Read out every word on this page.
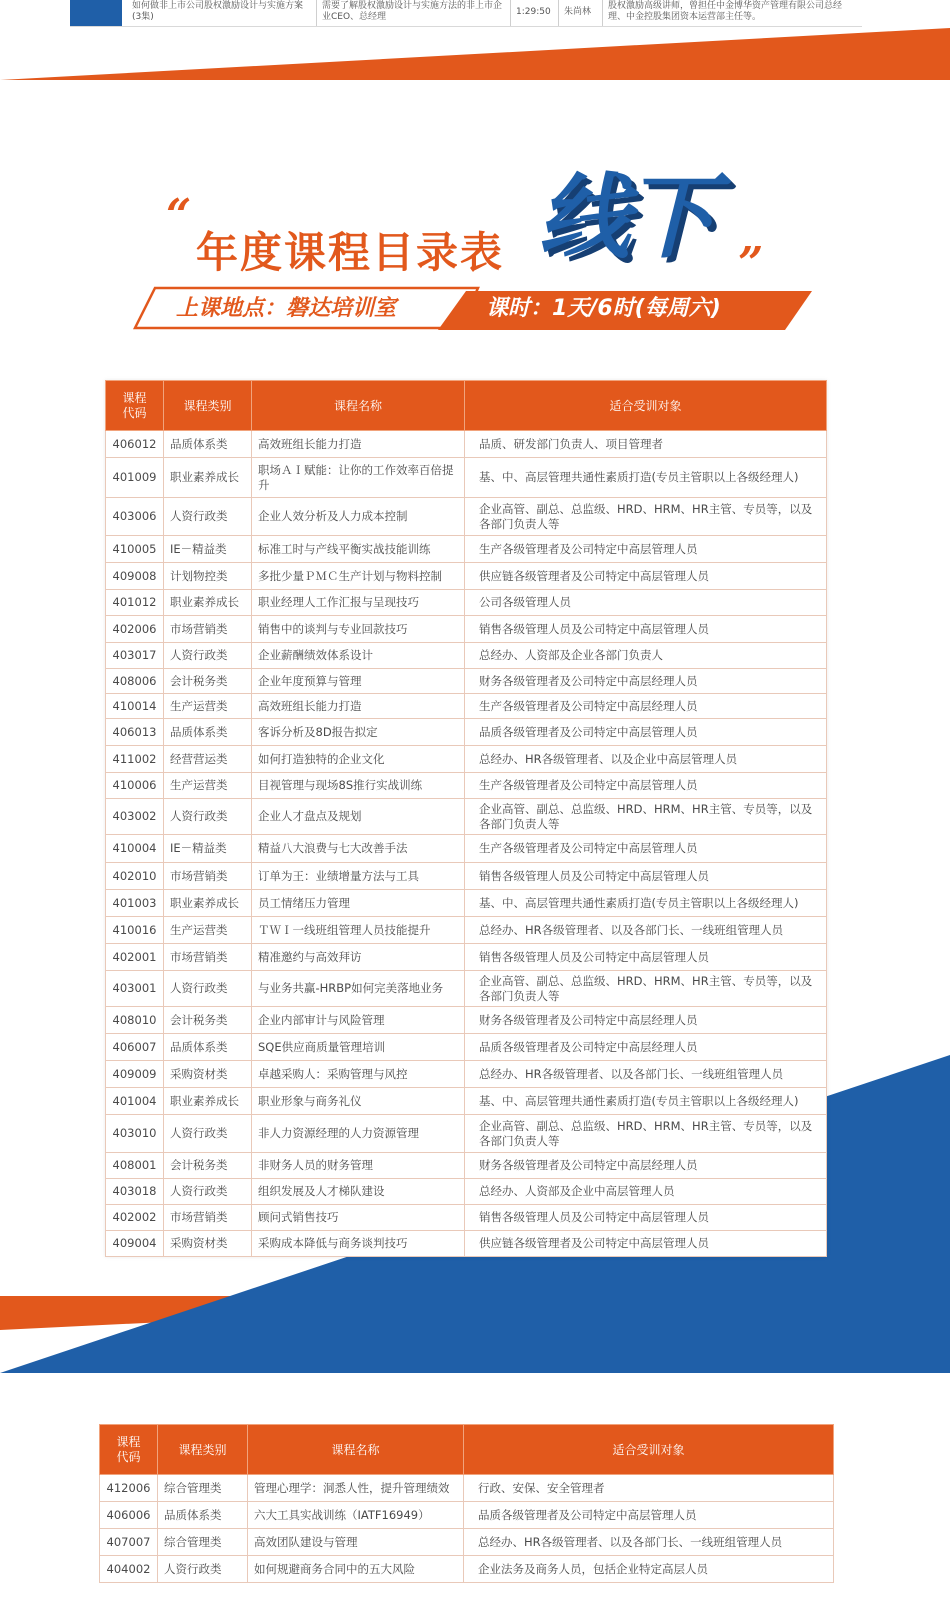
如何做非上市公司股权激励设计与实施方案(3集)
需要了解股权激励设计与实施方法的非上市企业CEO、总经理	1:29:50	朱尚林
股权激励高级讲师，曾担任中金博华资产管理有限公司总经理、中金控股集团资本运营部主任等。
“
年度课程目录表 线下 ”
上课地点：磐达培训室	课时：1天/6时(每周六)
课程代码	课程类别	课程名称	适合受训对象
406012	品质体系类	高效班组长能力打造	品质、研发部门负责人、项目管理者
401009	职业素养成长	职场ＡＩ赋能：让你的工作效率百倍提升	基、中、高层管理共通性素质打造(专员主管职以上各级经理人)
403006	人资行政类	企业人效分析及人力成本控制	企业高管、副总、总监级、HRD、HRM、HR主管、专员等，以及各部门负责人等
410005	IE－精益类	标准工时与产线平衡实战技能训练	生产各级管理者及公司特定中高层管理人员
409008	计划物控类	多批少量ＰＭＣ生产计划与物料控制	供应链各级管理者及公司特定中高层管理人员
401012	职业素养成长	职业经理人工作汇报与呈现技巧	公司各级管理人员
402006	市场营销类	销售中的谈判与专业回款技巧	销售各级管理人员及公司特定中高层管理人员
403017	人资行政类	企业薪酬绩效体系设计	总经办、人资部及企业各部门负责人
408006	会计税务类	企业年度预算与管理	财务各级管理者及公司特定中高层经理人员
410014	生产运营类	高效班组长能力打造	生产各级管理者及公司特定中高层经理人员
406013	品质体系类	客诉分析及8D报告拟定	品质各级管理者及公司特定中高层管理人员
411002	经营营运类	如何打造独特的企业文化	总经办、HR各级管理者、以及企业中高层管理人员
410006	生产运营类	目视管理与现场8S推行实战训练	生产各级管理者及公司特定中高层管理人员
403002	人资行政类	企业人才盘点及规划	企业高管、副总、总监级、HRD、HRM、HR主管、专员等，以及各部门负责人等
410004	IE－精益类	精益八大浪费与七大改善手法	生产各级管理者及公司特定中高层管理人员
402010	市场营销类	订单为王：业绩增量方法与工具	销售各级管理人员及公司特定中高层管理人员
401003	职业素养成长	员工情绪压力管理	基、中、高层管理共通性素质打造(专员主管职以上各级经理人)
410016	生产运营类	ＴＷＩ一线班组管理人员技能提升	总经办、HR各级管理者、以及各部门长、一线班组管理人员
402001	市场营销类	精准邀约与高效拜访	销售各级管理人员及公司特定中高层管理人员
403001	人资行政类	与业务共赢-HRBP如何完美落地业务	企业高管、副总、总监级、HRD、HRM、HR主管、专员等，以及各部门负责人等
408010	会计税务类	企业内部审计与风险管理	财务各级管理者及公司特定中高层经理人员
406007	品质体系类	SQE供应商质量管理培训	品质各级管理者及公司特定中高层经理人员
409009	采购资材类	卓越采购人：采购管理与风控	总经办、HR各级管理者、以及各部门长、一线班组管理人员
401004	职业素养成长	职业形象与商务礼仪	基、中、高层管理共通性素质打造(专员主管职以上各级经理人)
403010	人资行政类	非人力资源经理的人力资源管理	企业高管、副总、总监级、HRD、HRM、HR主管、专员等，以及各部门负责人等
408001	会计税务类	非财务人员的财务管理	财务各级管理者及公司特定中高层经理人员
403018	人资行政类	组织发展及人才梯队建设	总经办、人资部及企业中高层管理人员
402002	市场营销类	顾问式销售技巧	销售各级管理人员及公司特定中高层管理人员
409004	采购资材类	采购成本降低与商务谈判技巧	供应链各级管理者及公司特定中高层管理人员
课程代码	课程类别	课程名称	适合受训对象
412006	综合管理类	管理心理学：洞悉人性，提升管理绩效	行政、安保、安全管理者
406006	品质体系类	六大工具实战训练（IATF16949）	品质各级管理者及公司特定中高层管理人员
407007	综合管理类	高效团队建设与管理	总经办、HR各级管理者、以及各部门长、一线班组管理人员
404002	人资行政类	如何规避商务合同中的五大风险	企业法务及商务人员，包括企业特定高层人员
